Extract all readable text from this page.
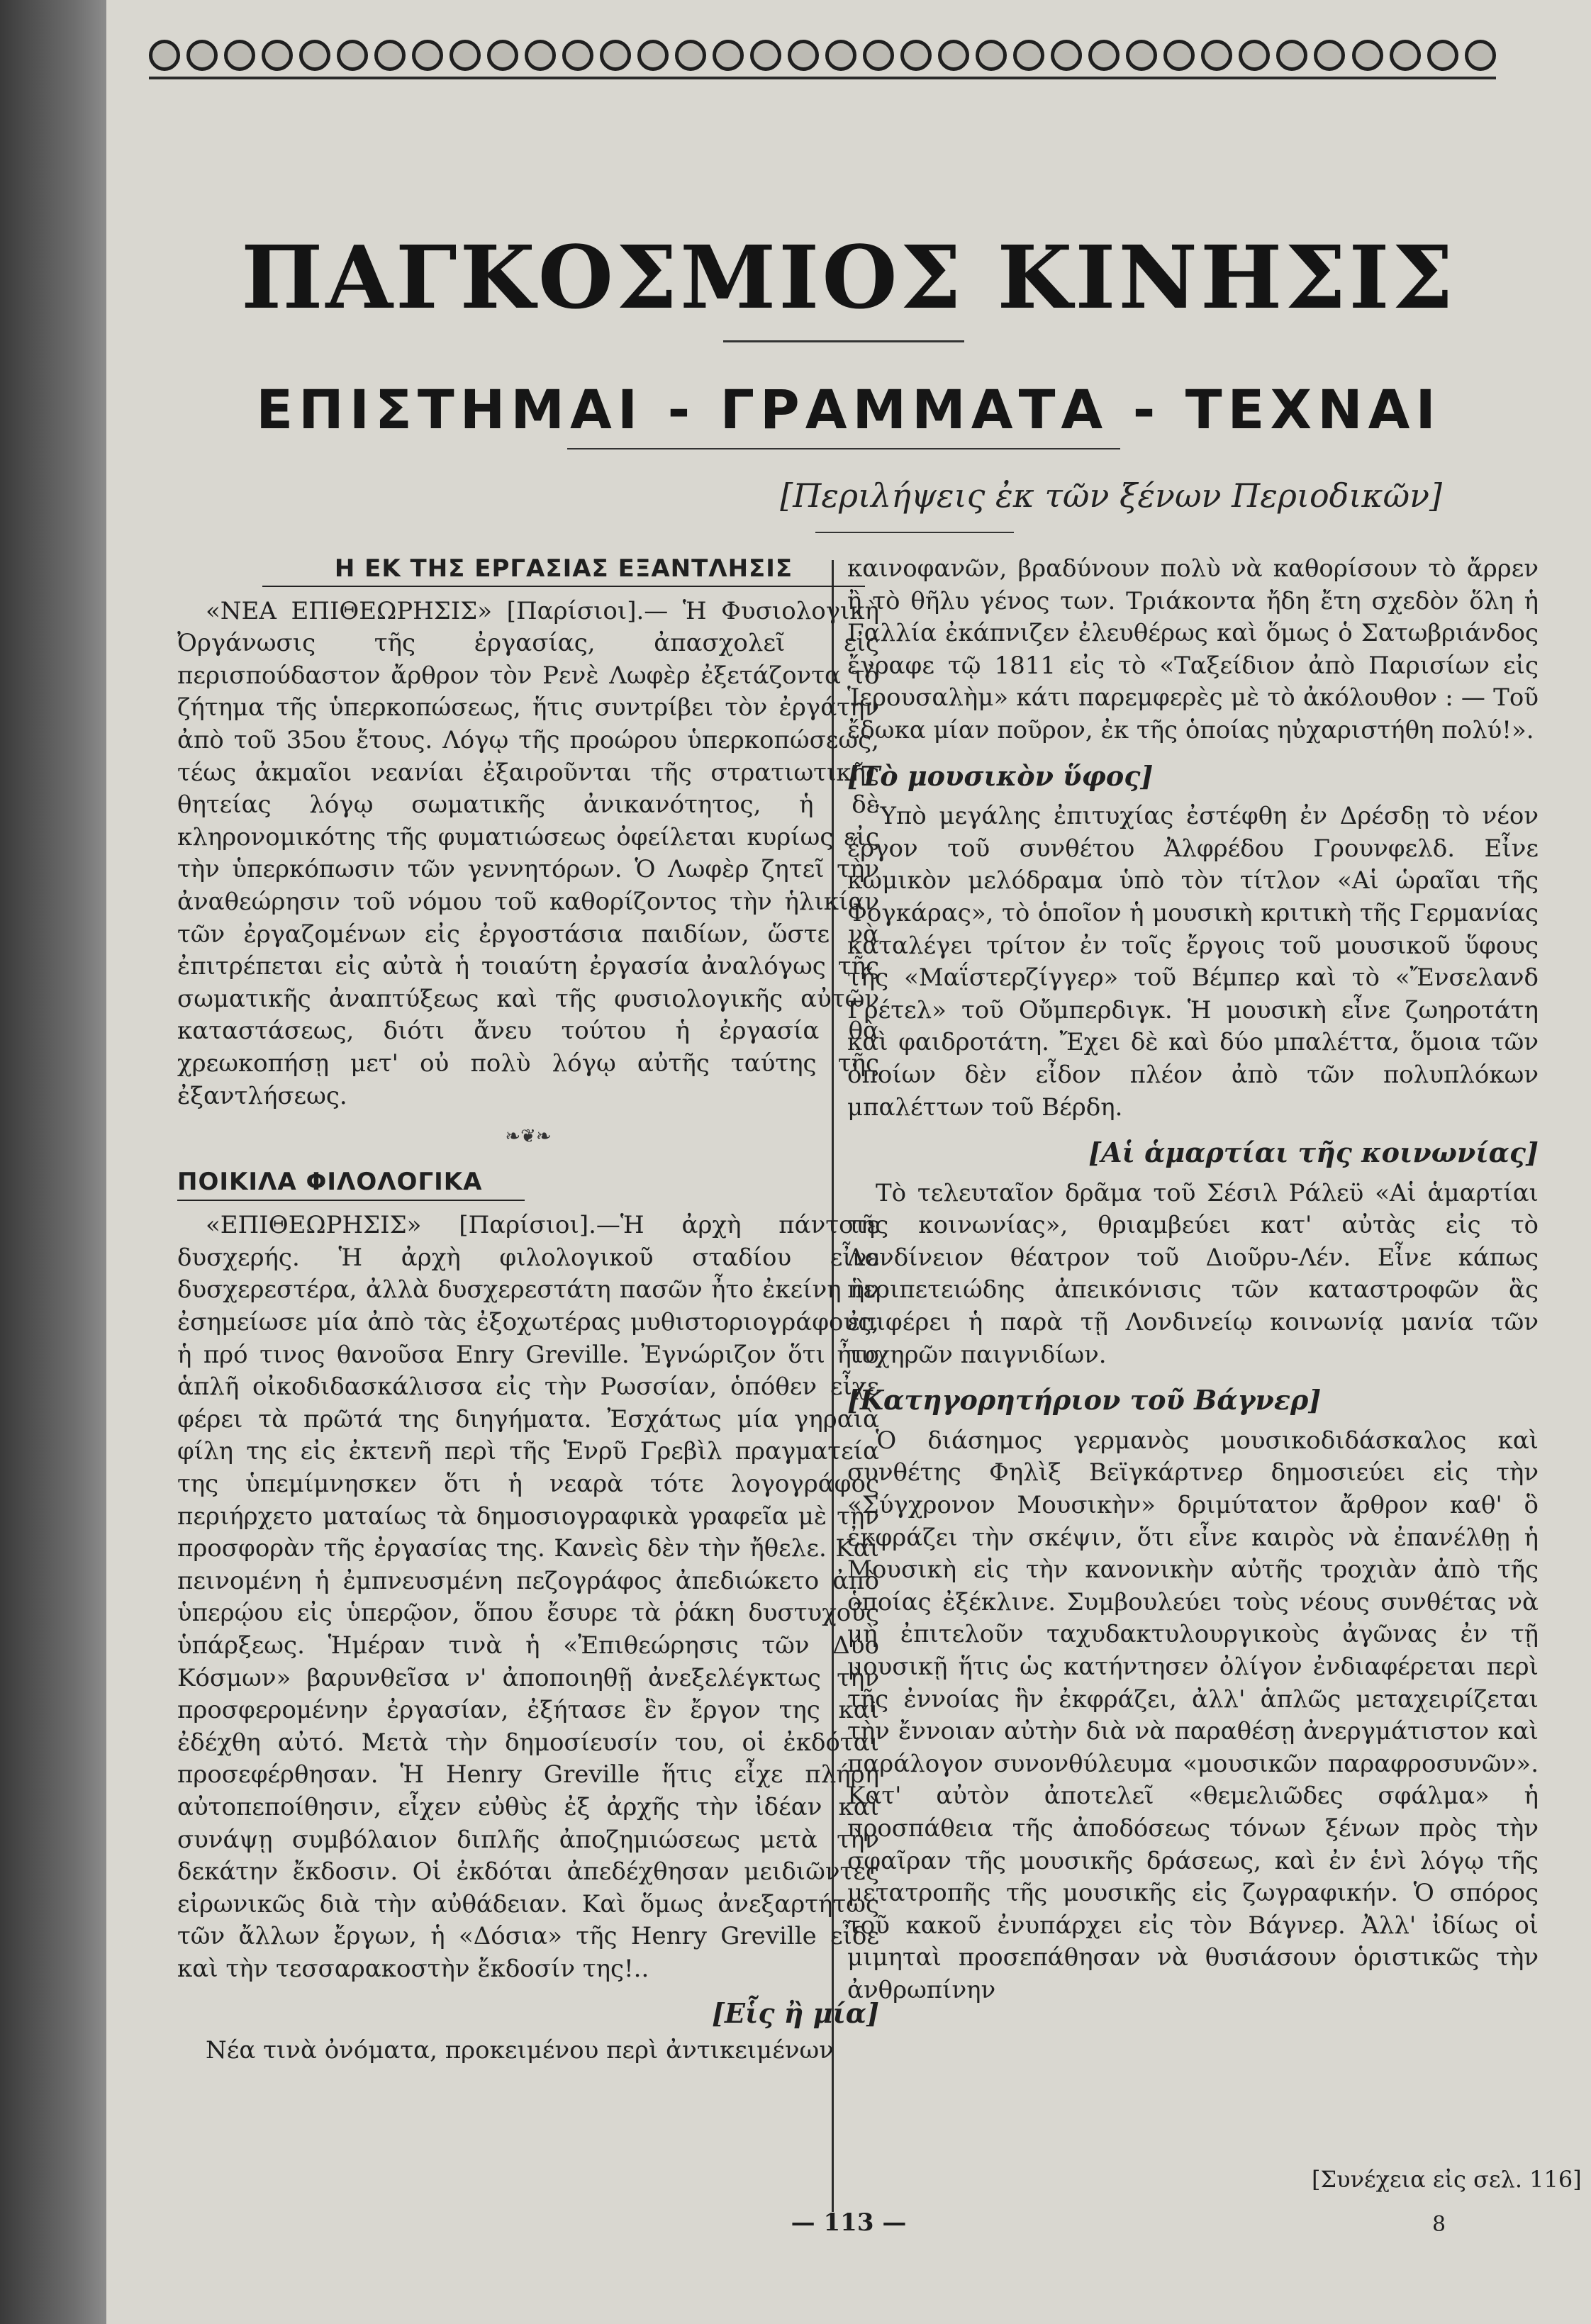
ΠΑΓΚΟΣΜΙΟΣ ΚΙΝΗΣΙΣ
ΕΠΙΣΤΗΜΑΙ - ΓΡΑΜΜΑΤΑ - ΤΕΧΝΑΙ
[Περιλήψεις ἐκ τῶν ξένων Περιοδικῶν]
Η ΕΚ ΤΗΣ ΕΡΓΑΣΙΑΣ ΕΞΑΝΤΛΗΣΙΣ

«ΝΕΑ ΕΠΙΘΕΩΡΗΣΙΣ» [Παρίσιοι].— Ἡ Φυσιολογικὴ Ὀργάνωσις τῆς ἐργασίας, ἀπασχολεῖ εἰς περισπούδαστον ἄρθρον τὸν Ρενὲ Λωφὲρ ἐξετάζοντα τὸ ζήτημα τῆς ὑπερκοπώσεως, ἥτις συντρίβει τὸν ἐργάτην ἀπὸ τοῦ 35ου ἔτους. Λόγῳ τῆς προώρου ὑπερκοπώσεως, τέως ἀκμαῖοι νεανίαι ἐξαιροῦνται τῆς στρατιωτικῆς θητείας λόγῳ σωματικῆς ἀνικανότητος, ἡ δὲ κληρονομικότης τῆς φυματιώσεως ὀφείλεται κυρίως εἰς τὴν ὑπερκόπωσιν τῶν γεννητόρων. Ὁ Λωφὲρ ζητεῖ τὴν ἀναθεώρησιν τοῦ νόμου τοῦ καθορίζοντος τὴν ἡλικίαν τῶν ἐργαζομένων εἰς ἐργοστάσια παιδίων, ὥστε νὰ ἐπιτρέπεται εἰς αὐτὰ ἡ τοιαύτη ἐργασία ἀναλόγως τῆς σωματικῆς ἀναπτύξεως καὶ τῆς φυσιολογικῆς αὐτῶν καταστάσεως, διότι ἄνευ τούτου ἡ ἐργασία θὰ χρεωκοπήσῃ μετ' οὐ πολὺ λόγῳ αὐτῆς ταύτης τῆς ἐξαντλήσεως.

❧❦❧
ΠΟΙΚΙΛΑ ΦΙΛΟΛΟΓΙΚΑ

«ΕΠΙΘΕΩΡΗΣΙΣ» [Παρίσιοι].—Ἡ ἀρχὴ πάντοτε δυσχερής. Ἡ ἀρχὴ φιλολογικοῦ σταδίου εἶνε δυσχερεστέρα, ἀλλὰ δυσχερεστάτη πασῶν ἦτο ἐκείνη ἣν ἐσημείωσε μία ἀπὸ τὰς ἐξοχωτέρας μυθιστοριογράφους, ἡ πρό τινος θανοῦσα Enry Greville. Ἐγνώριζον ὅτι ἦτο ἁπλῆ οἰκοδιδασκάλισσα εἰς τὴν Ρωσσίαν, ὁπόθεν εἶχε φέρει τὰ πρῶτά της διηγήματα. Ἐσχάτως μία γηραιὰ φίλη της εἰς ἐκτενῆ περὶ τῆς Ἑνρῦ Γρεβὶλ πραγματεία της ὑπεμίμνησκεν ὅτι ἡ νεαρὰ τότε λογογράφος περιήρχετο ματαίως τὰ δημοσιογραφικὰ γραφεῖα μὲ τὴν προσφορὰν τῆς ἐργασίας της. Κανεὶς δὲν τὴν ἤθελε. Καὶ πεινομένη ἡ ἐμπνευσμένη πεζογράφος ἀπεδιώκετο ἀπὸ ὑπερῴου εἰς ὑπερῷον, ὅπου ἔσυρε τὰ ῥάκη δυστυχοῦς ὑπάρξεως. Ἡμέραν τινὰ ἡ «Ἐπιθεώρησις τῶν Δύο Κόσμων» βαρυνθεῖσα ν' ἀποποιηθῇ ἀνεξελέγκτως τὴν προσφερομένην ἐργασίαν, ἐξήτασε ἓν ἔργον της καὶ ἐδέχθη αὐτό. Μετὰ τὴν δημοσίευσίν του, οἱ ἐκδόται προσεφέρθησαν. Ἡ Henry Greville ἥτις εἶχε πλήρη αὐτοπεποίθησιν, εἶχεν εὐθὺς ἐξ ἀρχῆς τὴν ἰδέαν καὶ συνάψῃ συμβόλαιον διπλῆς ἀποζημιώσεως μετὰ τὴν δεκάτην ἔκδοσιν. Οἱ ἐκδόται ἀπεδέχθησαν μειδιῶντες εἰρωνικῶς διὰ τὴν αὐθάδειαν. Καὶ ὅμως ἀνεξαρτήτως τῶν ἄλλων ἔργων, ἡ «Δόσια» τῆς Henry Greville εἶδε καὶ τὴν τεσσαρακοστὴν ἔκδοσίν της!..

[Εἷς ἢ μία]

Νέα τινὰ ὀνόματα, προκειμένου περὶ ἀντικειμένων

καινοφανῶν, βραδύνουν πολὺ νὰ καθορίσουν τὸ ἄρρεν ἢ τὸ θῆλυ γένος των. Τριάκοντα ἤδη ἔτη σχεδὸν ὅλη ἡ Γαλλία ἐκάπνιζεν ἐλευθέρως καὶ ὅμως ὁ Σατωβριάνδος ἔγραφε τῷ 1811 εἰς τὸ «Ταξείδιον ἀπὸ Παρισίων εἰς Ἱερουσαλὴμ» κάτι παρεμφερὲς μὲ τὸ ἀκόλουθον : — Τοῦ ἔδωκα μίαν ποῦρον, ἐκ τῆς ὁποίας ηὐχαριστήθη πολύ!».

[Τὸ μουσικὸν ὕφος]

Ὑπὸ μεγάλης ἐπιτυχίας ἐστέφθη ἐν Δρέσδῃ τὸ νέον ἔργον τοῦ συνθέτου Ἀλφρέδου Γρουνφελδ. Εἶνε κωμικὸν μελόδραμα ὑπὸ τὸν τίτλον «Αἱ ὡραῖαι τῆς Φογκάρας», τὸ ὁποῖον ἡ μουσικὴ κριτικὴ τῆς Γερμανίας καταλέγει τρίτον ἐν τοῖς ἔργοις τοῦ μουσικοῦ ὕφους τῆς «Μαΐστερζίγγερ» τοῦ Βέμπερ καὶ τὸ «Ἔνσελανδ Γρέτελ» τοῦ Οὔμπερδιγκ. Ἡ μουσικὴ εἶνε ζωηροτάτη καὶ φαιδροτάτη. Ἔχει δὲ καὶ δύο μπαλέττα, ὅμοια τῶν ὁποίων δὲν εἶδον πλέον ἀπὸ τῶν πολυπλόκων μπαλέττων τοῦ Βέρδη.

[Αἱ ἁμαρτίαι τῆς κοινωνίας]

Τὸ τελευταῖον δρᾶμα τοῦ Σέσιλ Ράλεϋ «Αἱ ἁμαρτίαι τῆς κοινωνίας», θριαμβεύει κατ' αὐτὰς εἰς τὸ Λονδίνειον θέατρον τοῦ Διοῦρυ-Λέν. Εἶνε κάπως περιπετειώδης ἀπεικόνισις τῶν καταστροφῶν ἃς ἐπιφέρει ἡ παρὰ τῇ Λονδινείῳ κοινωνίᾳ μανία τῶν τυχηρῶν παιγνιδίων.

[Κατηγορητήριον τοῦ Βάγνερ]

Ὁ διάσημος γερμανὸς μουσικοδιδάσκαλος καὶ συνθέτης Φηλὶξ Βεϊγκάρτνερ δημοσιεύει εἰς τὴν «Σύγχρονον Μουσικὴν» δριμύτατον ἄρθρον καθ' ὃ ἐκφράζει τὴν σκέψιν, ὅτι εἶνε καιρὸς νὰ ἐπανέλθῃ ἡ Μουσικὴ εἰς τὴν κανονικὴν αὐτῆς τροχιὰν ἀπὸ τῆς ὁποίας ἐξέκλινε. Συμβουλεύει τοὺς νέους συνθέτας νὰ μὴ ἐπιτελοῦν ταχυδακτυλουργικοὺς ἀγῶνας ἐν τῇ μουσικῇ ἥτις ὡς κατήντησεν ὀλίγον ἐνδιαφέρεται περὶ τῆς ἐννοίας ἣν ἐκφράζει, ἀλλ' ἁπλῶς μεταχειρίζεται τὴν ἔννοιαν αὐτὴν διὰ νὰ παραθέσῃ ἀνεργμάτιστον καὶ παράλογον συνονθύλευμα «μουσικῶν παραφροσυνῶν». Κατ' αὐτὸν ἀποτελεῖ «θεμελιῶδες σφάλμα» ἡ προσπάθεια τῆς ἀποδόσεως τόνων ξένων πρὸς τὴν σφαῖραν τῆς μουσικῆς δράσεως, καὶ ἐν ἑνὶ λόγῳ τῆς μετατροπῆς τῆς μουσικῆς εἰς ζωγραφικήν. Ὁ σπόρος τοῦ κακοῦ ἐνυπάρχει εἰς τὸν Βάγνερ. Ἀλλ' ἰδίως οἱ μιμηταὶ προσεπάθησαν νὰ θυσιάσουν ὁριστικῶς τὴν ἀνθρωπίνην

[Συνέχεια εἰς σελ. 116]
— 113 —	8
